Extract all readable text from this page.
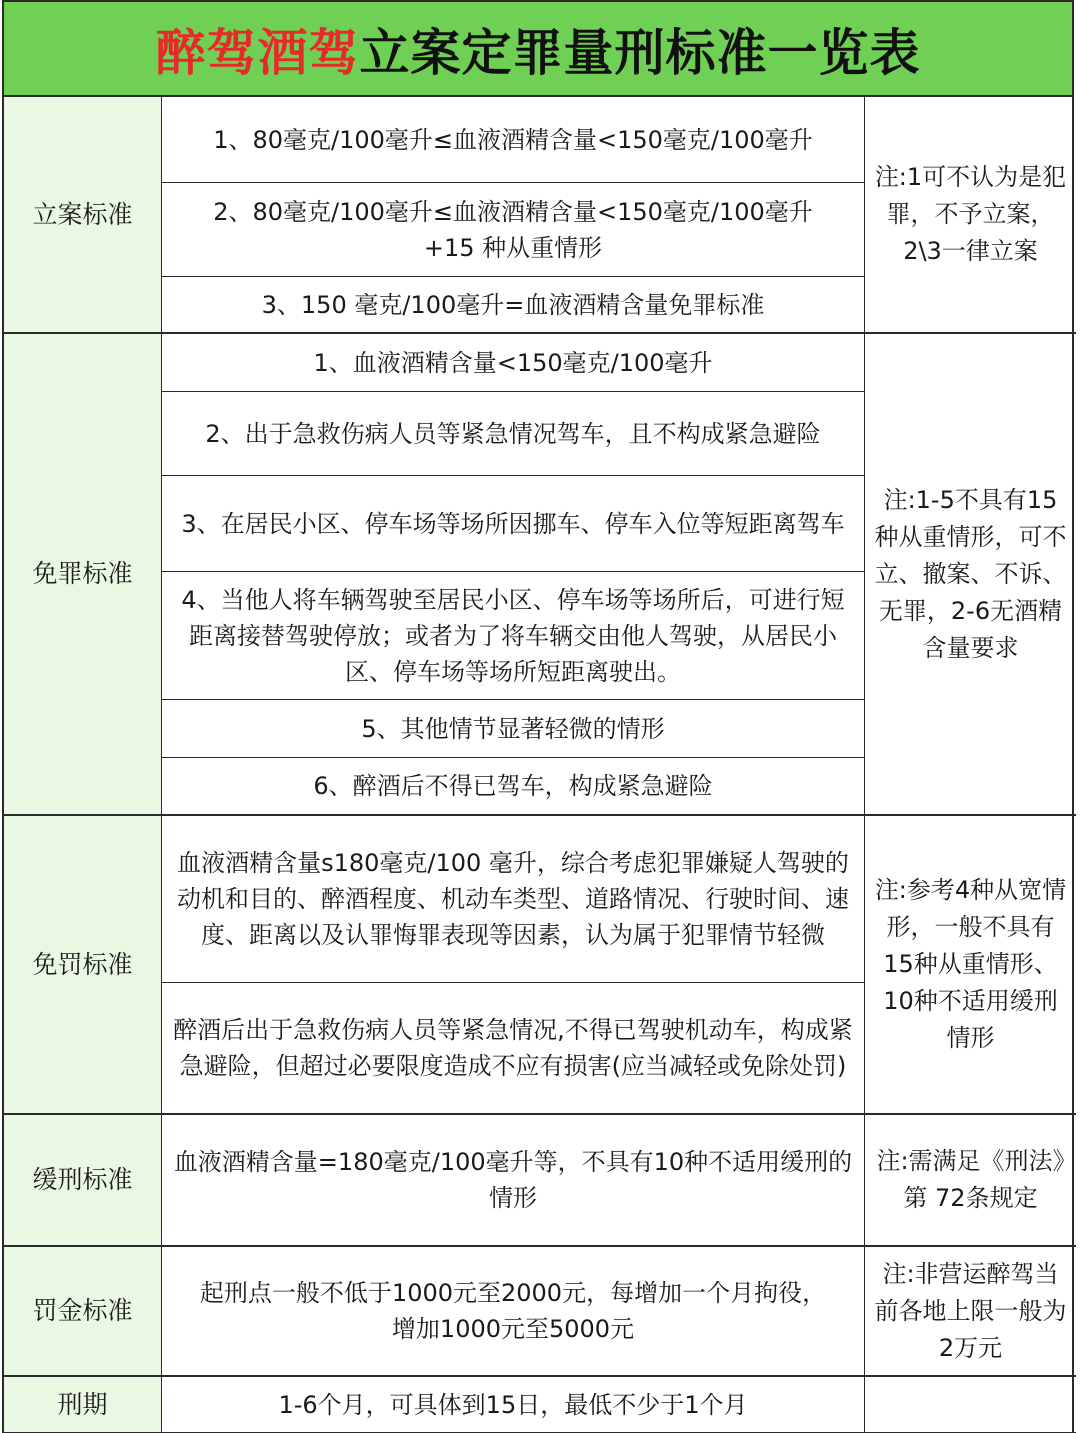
醉驾酒驾 立案定罪量刑标准一览表
立案标准
1、80毫克/100毫升≤血液酒精含量<150毫克/100毫升
注:1可不认为是犯罪，不予立案，2\3一律立案
2、80毫克/100毫升≤血液酒精含量<150毫克/100毫升+15 种从重情形
3、150 毫克/100毫升=血液酒精含量免罪标准
免罪标准
1、血液酒精含量<150毫克/100毫升
注:1-5不具有15种从重情形，可不立、撤案、不诉、无罪，2-6无酒精含量要求
2、出于急救伤病人员等紧急情况驾车，且不构成紧急避险
3、在居民小区、停车场等场所因挪车、停车入位等短距离驾车
4、当他人将车辆驾驶至居民小区、停车场等场所后，可进行短距离接替驾驶停放；或者为了将车辆交由他人驾驶，从居民小区、停车场等场所短距离驶出。
5、其他情节显著轻微的情形
6、醉酒后不得已驾车，构成紧急避险
免罚标准
血液酒精含量s180毫克/100 毫升，综合考虑犯罪嫌疑人驾驶的动机和目的、醉酒程度、机动车类型、道路情况、行驶时间、速度、距离以及认罪悔罪表现等因素，认为属于犯罪情节轻微
注:参考4种从宽情形，一般不具有15种从重情形、10种不适用缓刑情形
醉酒后出于急救伤病人员等紧急情况,不得已驾驶机动车，构成紧急避险，但超过必要限度造成不应有损害(应当减轻或免除处罚)
缓刑标准
血液酒精含量=180毫克/100毫升等，不具有10种不适用缓刑的情形
注:需满足《刑法》第 72条规定
罚金标准
起刑点一般不低于1000元至2000元，每增加一个月拘役，增加1000元至5000元
注:非营运醉驾当前各地上限一般为2万元
刑期	1-6个月，可具体到15日，最低不少于1个月
